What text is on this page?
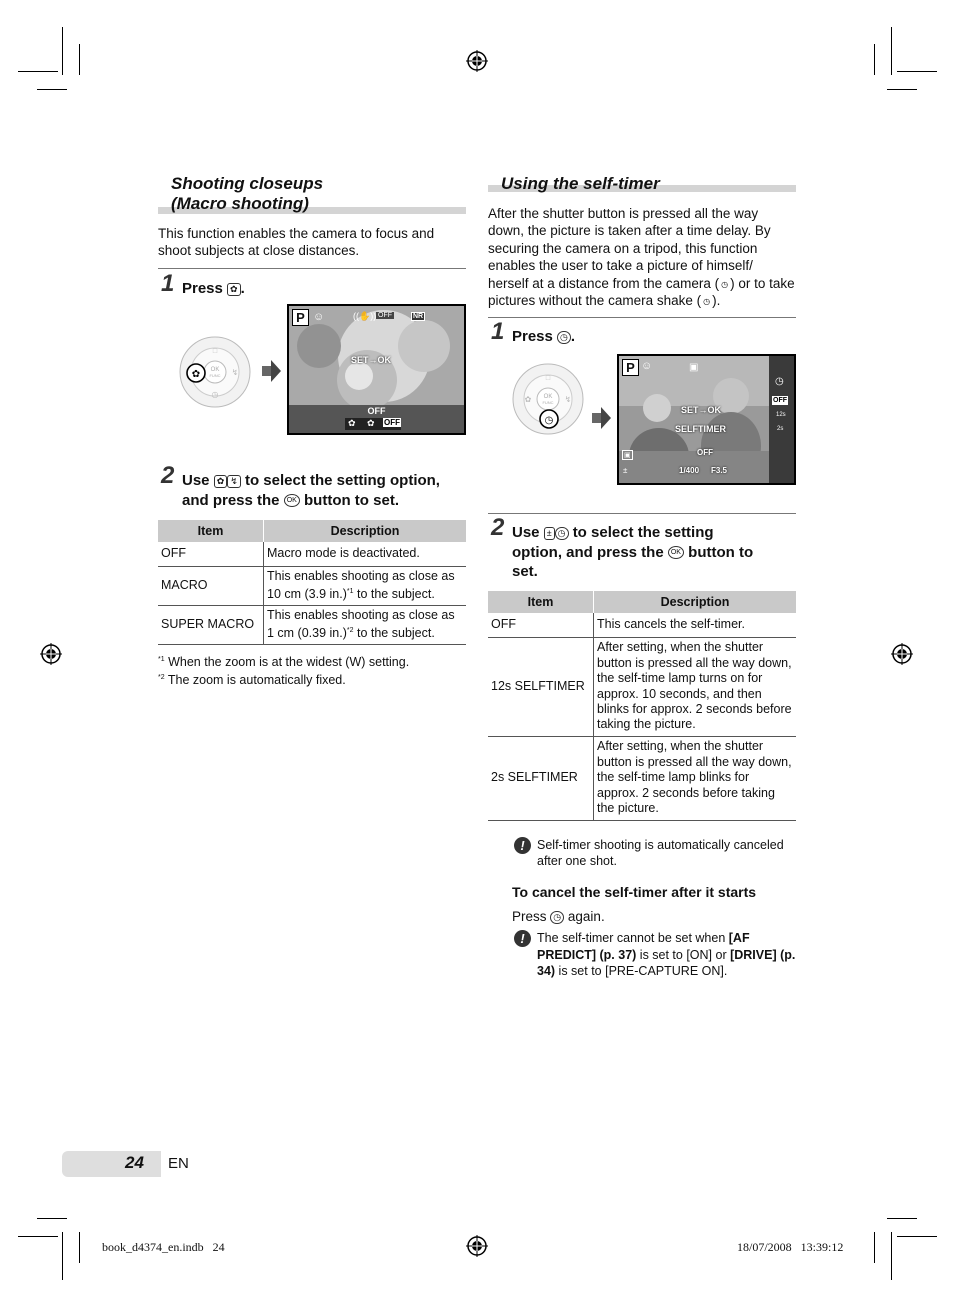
Shooting closeups
(Macro shooting)
This function enables the camera to focus and shoot subjects at close distances.
1 Press ✿ .
OK
FUNC
✿
□
↯
◷
P ☺	((✋)) OFF	NR
SET→OK
OFF
✿ ✿ OFF
2 Use ✿ ↯ to select the setting option,
and press the OK button to set.
Item	Description
OFF	Macro mode is deactivated.
MACRO	This enables shooting as close as
10 cm (3.9 in.)$^{*1}$ to the subject.
SUPER MACRO	This enables shooting as close as
1 cm (0.39 in.)$^{*2}$ to the subject.
$^{*1}$ When the zoom is at the widest (W) setting.
$^{*2}$ The zoom is automatically fixed.
Using the self-timer
After the shutter button is pressed all the way down, the picture is taken after a time delay. By securing the camera on a tripod, this function enables the user to take a picture of himself/ herself at a distance from the camera ( ◷ ) or to take pictures without the camera shake ( ◷ ).
1 Press ◷ .
OK
FUNC
◷
□
↯
✿
P ☺	▣
SET→OK
SELFTIMER
OFF
▣
±	1/400 F3.5
◷
OFF
12s
2s
2 Use ± ◷ to select the setting
option, and press the OK button to
set.
Item	Description
OFF	This cancels the self-timer.
12s SELFTIMER	After setting, when the shutter button is pressed all the way down, the self-time lamp turns on for approx. 10 seconds, and then blinks for approx. 2 seconds before taking the picture.
2s SELFTIMER	After setting, when the shutter button is pressed all the way down, the self-time lamp blinks for approx. 2 seconds before taking the picture.
! Self-timer shooting is automatically canceled after one shot.
To cancel the self-timer after it starts
Press ◷ again.
! The self-timer cannot be set when [AF PREDICT] (p. 37) is set to [ON] or [DRIVE] (p. 34) is set to [PRE-CAPTURE ON].
24 EN
book_d4374_en.indb   24	18/07/2008   13:39:12
